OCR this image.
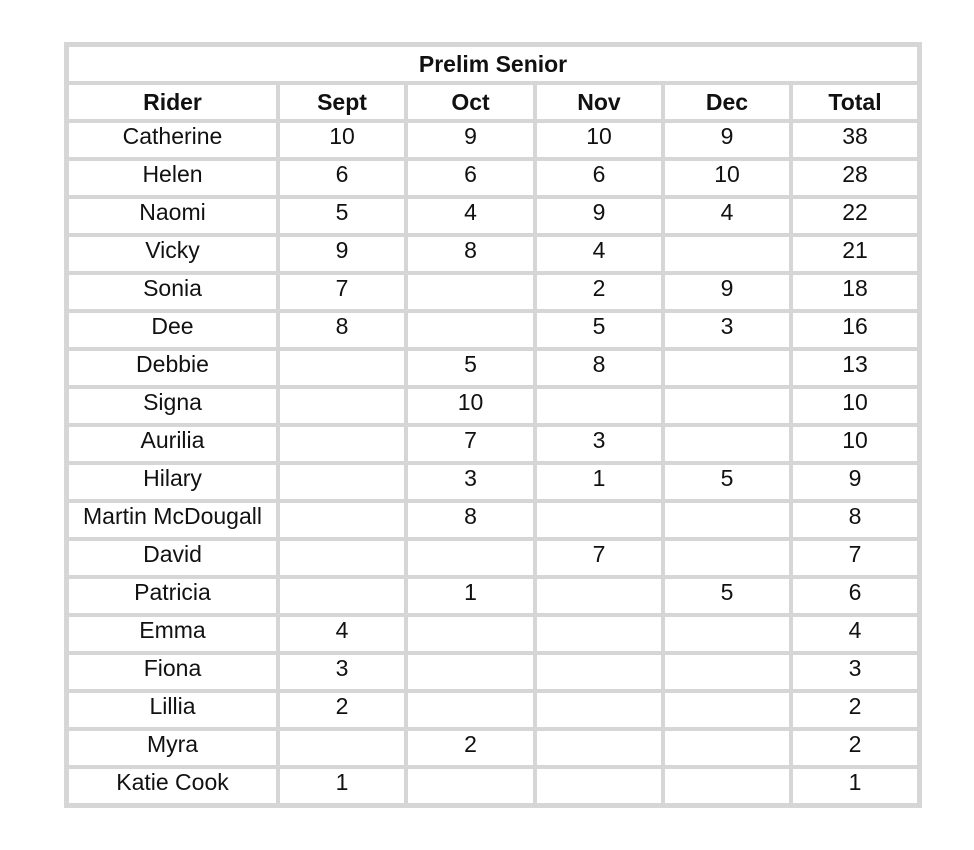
Prelim Senior					
Rider	Sept	Oct	Nov	Dec	Total
Catherine	10	9	10	9	38
Helen	6	6	6	10	28
Naomi	5	4	9	4	22
Vicky	9	8	4		21
Sonia	7		2	9	18
Dee	8		5	3	16
Debbie		5	8		13
Signa		10			10
Aurilia		7	3		10
Hilary		3	1	5	9
Martin McDougall		8			8
David			7		7
Patricia		1		5	6
Emma	4				4
Fiona	3				3
Lillia	2				2
Myra		2			2
Katie Cook	1				1
